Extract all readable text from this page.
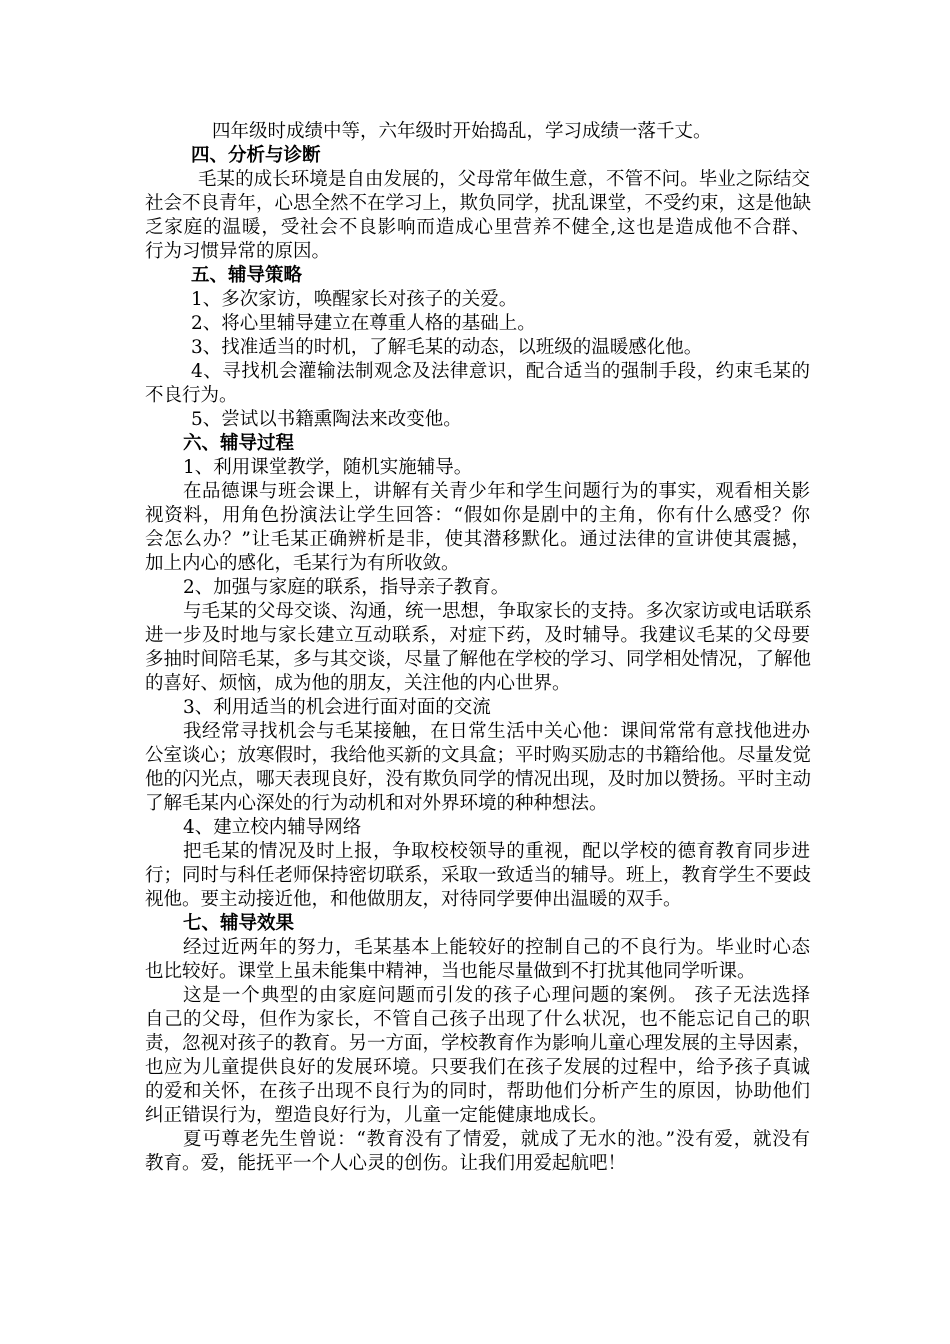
四年级时成绩中等，六年级时开始捣乱，学习成绩一落千丈。
四、分析与诊断
毛某的成长环境是自由发展的，父母常年做生意，不管不问。毕业之际结交
社会不良青年，心思全然不在学习上，欺负同学，扰乱课堂，不受约束，这是他缺
乏家庭的温暖，受社会不良影响而造成心里营养不健全,这也是造成他不合群、
行为习惯异常的原因。
五、辅导策略
1、多次家访，唤醒家长对孩子的关爱。
2、将心里辅导建立在尊重人格的基础上。
3、找准适当的时机，了解毛某的动态，以班级的温暖感化他。
4、寻找机会灌输法制观念及法律意识，配合适当的强制手段，约束毛某的
不良行为。
5、尝试以书籍熏陶法来改变他。
六、辅导过程
1、利用课堂教学，随机实施辅导。
在品德课与班会课上，讲解有关青少年和学生问题行为的事实，观看相关影
视资料，用角色扮演法让学生回答：“假如你是剧中的主角，你有什么感受？你
会怎么办？”让毛某正确辨析是非，使其潜移默化。通过法律的宣讲使其震撼，
加上内心的感化，毛某行为有所收敛。
2、加强与家庭的联系，指导亲子教育。
与毛某的父母交谈、沟通，统一思想，争取家长的支持。多次家访或电话联系
进一步及时地与家长建立互动联系，对症下药，及时辅导。我建议毛某的父母要
多抽时间陪毛某，多与其交谈，尽量了解他在学校的学习、同学相处情况，了解他
的喜好、烦恼，成为他的朋友，关注他的内心世界。
3、利用适当的机会进行面对面的交流
我经常寻找机会与毛某接触，在日常生活中关心他：课间常常有意找他进办
公室谈心；放寒假时，我给他买新的文具盒；平时购买励志的书籍给他。尽量发觉
他的闪光点，哪天表现良好，没有欺负同学的情况出现，及时加以赞扬。平时主动
了解毛某内心深处的行为动机和对外界环境的种种想法。
4、建立校内辅导网络
把毛某的情况及时上报，争取校校领导的重视，配以学校的德育教育同步进
行；同时与科任老师保持密切联系，采取一致适当的辅导。班上，教育学生不要歧
视他。要主动接近他，和他做朋友，对待同学要伸出温暖的双手。
七、辅导效果
经过近两年的努力，毛某基本上能较好的控制自己的不良行为。毕业时心态
也比较好。课堂上虽未能集中精神，当也能尽量做到不打扰其他同学听课。
这是一个典型的由家庭问题而引发的孩子心理问题的案例。 孩子无法选择
自己的父母，但作为家长，不管自己孩子出现了什么状况，也不能忘记自己的职
责，忽视对孩子的教育。另一方面，学校教育作为影响儿童心理发展的主导因素，
也应为儿童提供良好的发展环境。只要我们在孩子发展的过程中，给予孩子真诚
的爱和关怀，在孩子出现不良行为的同时，帮助他们分析产生的原因，协助他们
纠正错误行为，塑造良好行为，儿童一定能健康地成长。
夏丏尊老先生曾说：“教育没有了情爱，就成了无水的池。”没有爱，就没有
教育。爱，能抚平一个人心灵的创伤。让我们用爱起航吧！
